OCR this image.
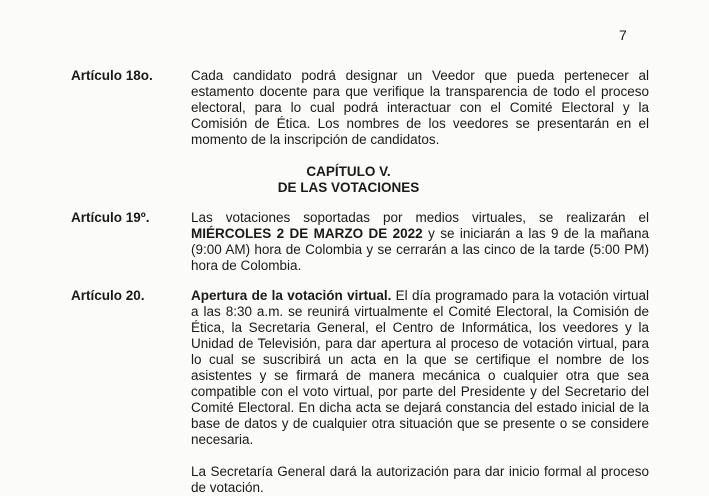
7
Artículo 18o.	Cada candidato podrá designar un Veedor que pueda pertenecer al estamento docente para que verifique la transparencia de todo el proceso electoral, para lo cual podrá interactuar con el Comité Electoral y la Comisión de Ética. Los nombres de los veedores se presentarán en el momento de la inscripción de candidatos.

CAPÍTULO V.
DE LAS VOTACIONES
Artículo 19º.	Las votaciones soportadas por medios virtuales, se realizarán el MIÉRCOLES 2 DE MARZO DE 2022 y se iniciarán a las 9 de la mañana (9:00 AM) hora de Colombia y se cerrarán a las cinco de la tarde (5:00 PM) hora de Colombia.

Artículo 20.	Apertura de la votación virtual. El día programado para la votación virtual a las 8:30 a.m. se reunirá virtualmente el Comité Electoral, la Comisión de Ética, la Secretaria General, el Centro de Informática, los veedores y la Unidad de Televisión, para dar apertura al proceso de votación virtual, para lo cual se suscribirá un acta en la que se certifique el nombre de los asistentes y se firmará de manera mecánica o cualquier otra que sea compatible con el voto virtual, por parte del Presidente y del Secretario del Comité Electoral. En dicha acta se dejará constancia del estado inicial de la base de datos y de cualquier otra situación que se presente o se considere necesaria.

La Secretaría General dará la autorización para dar inicio formal al proceso de votación.
